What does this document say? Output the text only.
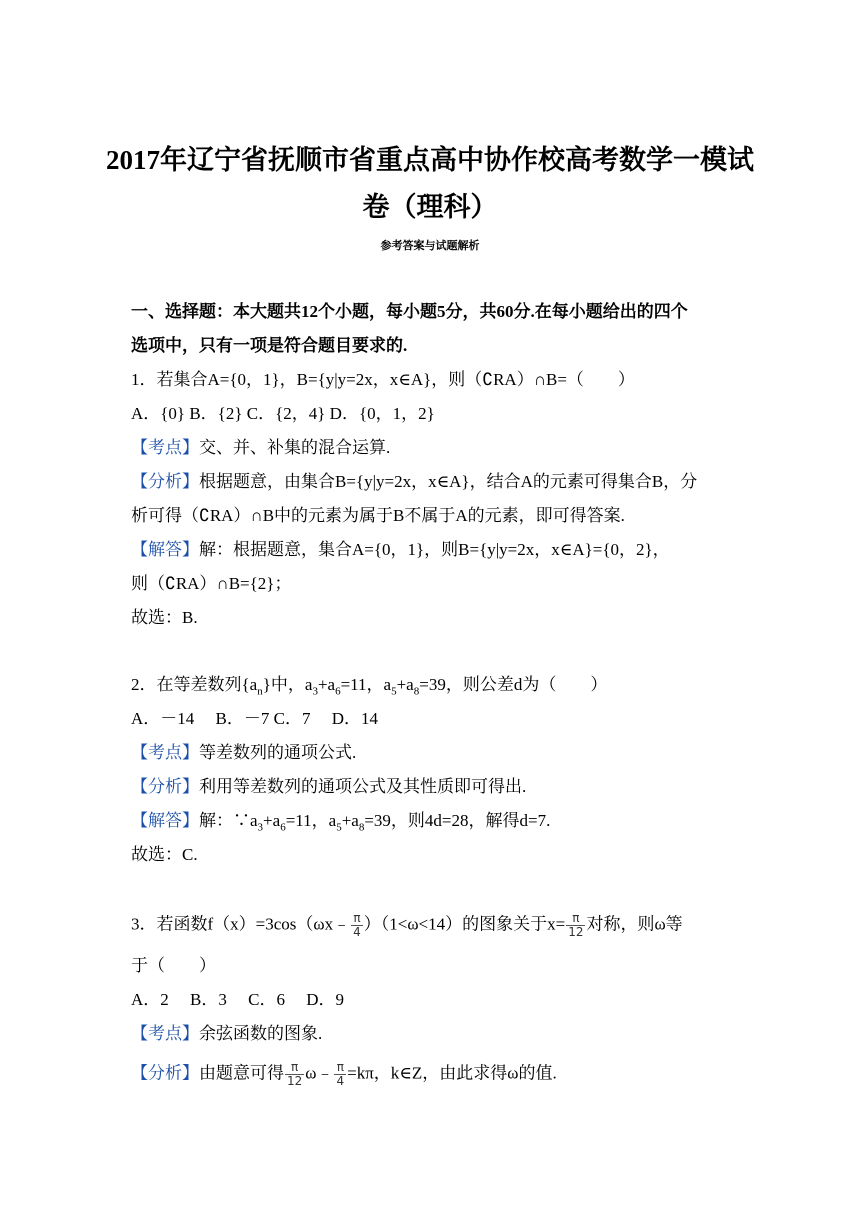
2017年辽宁省抚顺市省重点高中协作校高考数学一模试
卷（理科）
参考答案与试题解析
一、选择题：本大题共12个小题，每小题5分，共60分.在每小题给出的四个
选项中，只有一项是符合题目要求的.
1．若集合A={0，1}，B={y|y=2x，x∈A}，则（∁RA）∩B=（　　）
A．{0} B．{2} C．{2，4} D．{0，1，2}
【考点】交、并、补集的混合运算.
【分析】根据题意，由集合B={y|y=2x，x∈A}，结合A的元素可得集合B，分
析可得（∁RA）∩B中的元素为属于B不属于A的元素，即可得答案.
【解答】解：根据题意，集合A={0，1}，则B={y|y=2x，x∈A}={0，2}，
则（∁RA）∩B={2}；
故选：B.
2．在等差数列$\{a_n\}$中，$a_3+a_6=11$，$a_5+a_8=39$，则公差d为（　　）
A．－14　 B．－7 C．7　 D．14
【考点】等差数列的通项公式.
【分析】利用等差数列的通项公式及其性质即可得出.
【解答】解：$\because a_3+a_6=11$，$a_5+a_8=39$，则4d=28，解得d=7.
故选：C.
3．若函数f（x）=3cos（ωx﹣ $\frac{\pi}{4} )(1<\omega<14)$的图象关于$x= \frac{\pi}{12}$ 对称，则ω等
于（　　）
A．2　 B．3　 C．6　 D．9
【考点】余弦函数的图象.
【分析】由题意可得 $\frac{\pi}{12}$ ω﹣ $\frac{\pi}{4} =k\pi$，k∈Z，由此求得ω的值.
